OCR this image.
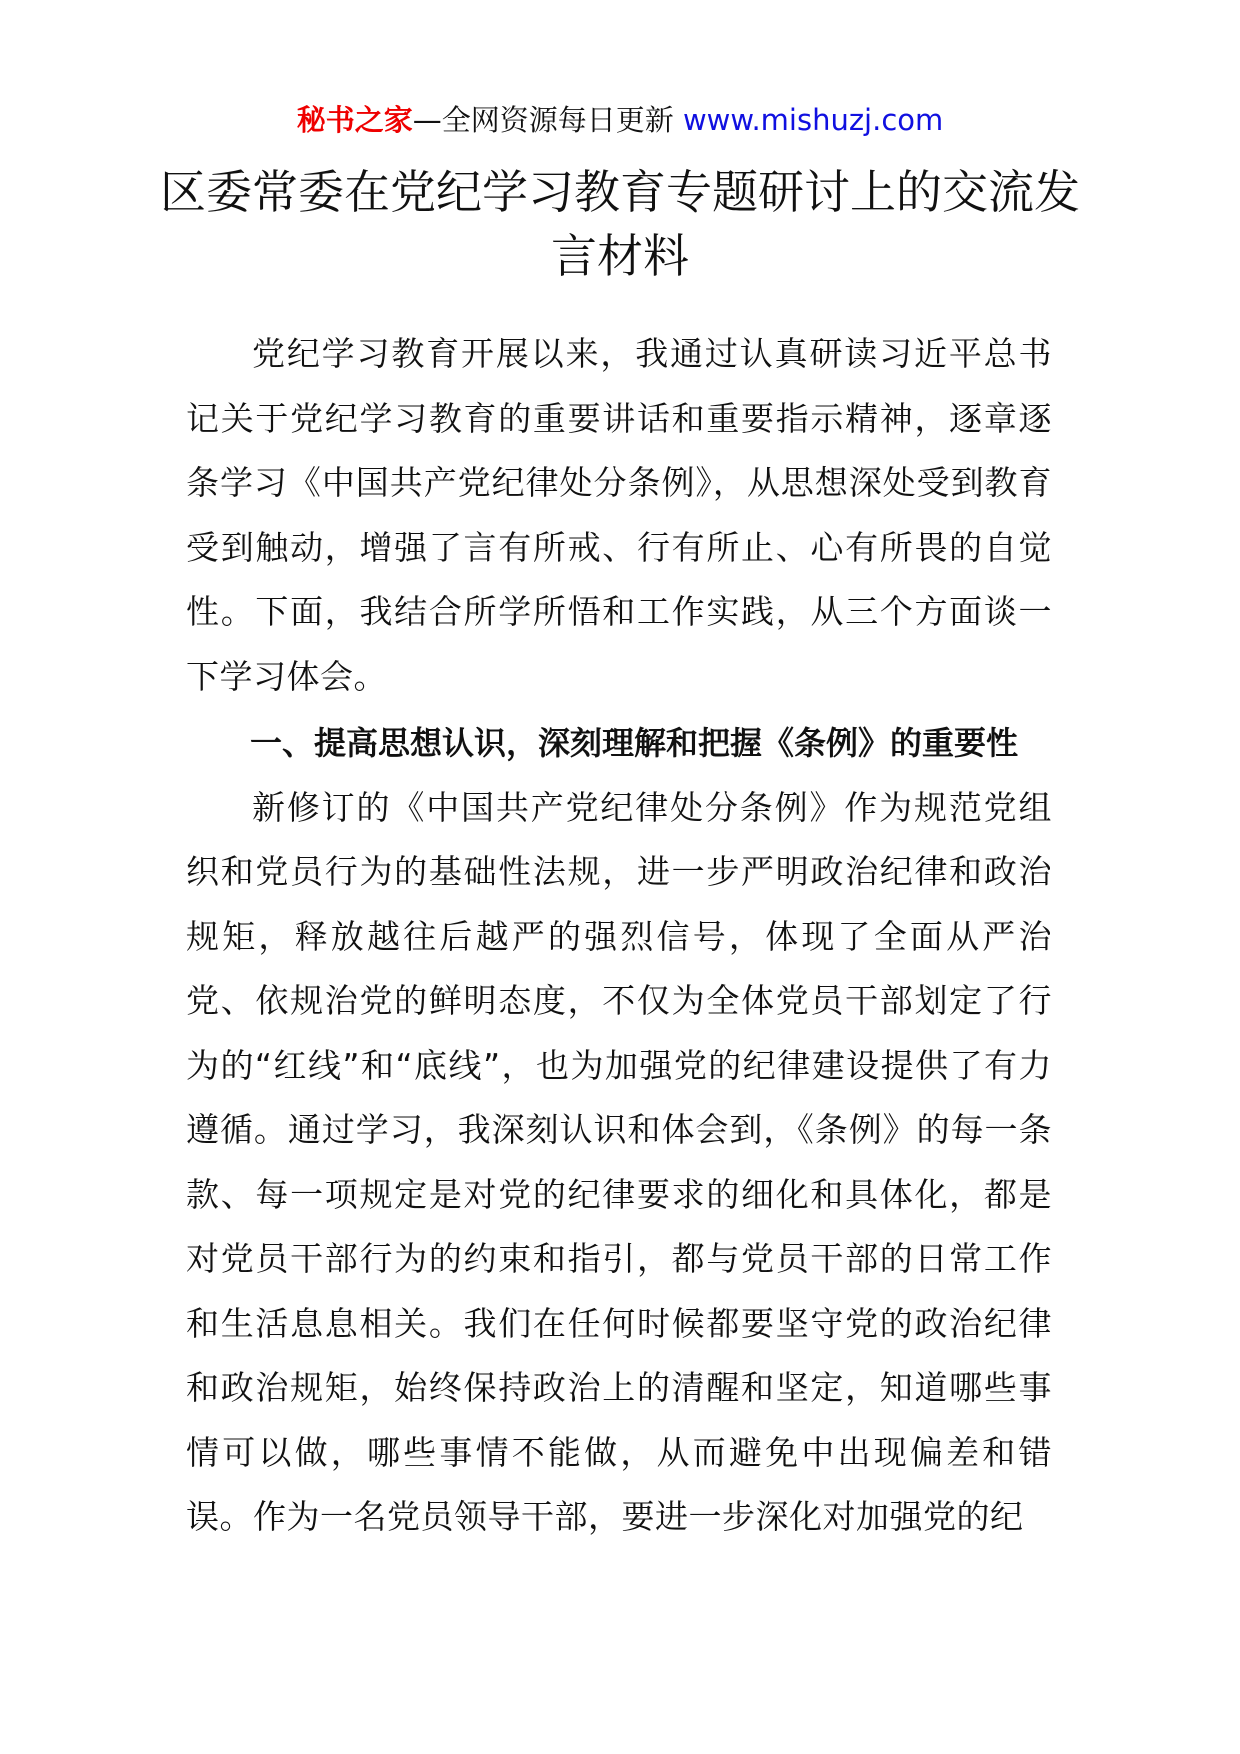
秘书之家—全网资源每日更新 www.mishuzj.com
区委常委在党纪学习教育专题研讨上的交流发言材料

党纪学习教育开展以来，我通过认真研读习近平总书记关于党纪学习教育的重要讲话和重要指示精神，逐章逐条学习《中国共产党纪律处分条例》，从思想深处受到教育受到触动，增强了言有所戒、行有所止、心有所畏的自觉性。下面，我结合所学所悟和工作实践，从三个方面谈一下学习体会。

一、提高思想认识，深刻理解和把握《条例》的重要性

新修订的《中国共产党纪律处分条例》作为规范党组织和党员行为的基础性法规，进一步严明政治纪律和政治规矩，释放越往后越严的强烈信号，体现了全面从严治党、依规治党的鲜明态度，不仅为全体党员干部划定了行为的“红线”和“底线”，也为加强党的纪律建设提供了有力遵循。通过学习，我深刻认识和体会到，《条例》的每一条款、每一项规定是对党的纪律要求的细化和具体化，都是对党员干部行为的约束和指引，都与党员干部的日常工作和生活息息相关。我们在任何时候都要坚守党的政治纪律和政治规矩，始终保持政治上的清醒和坚定，知道哪些事情可以做，哪些事情不能做，从而避免中出现偏差和错误。作为一名党员领导干部，要进一步深化对加强党的纪
